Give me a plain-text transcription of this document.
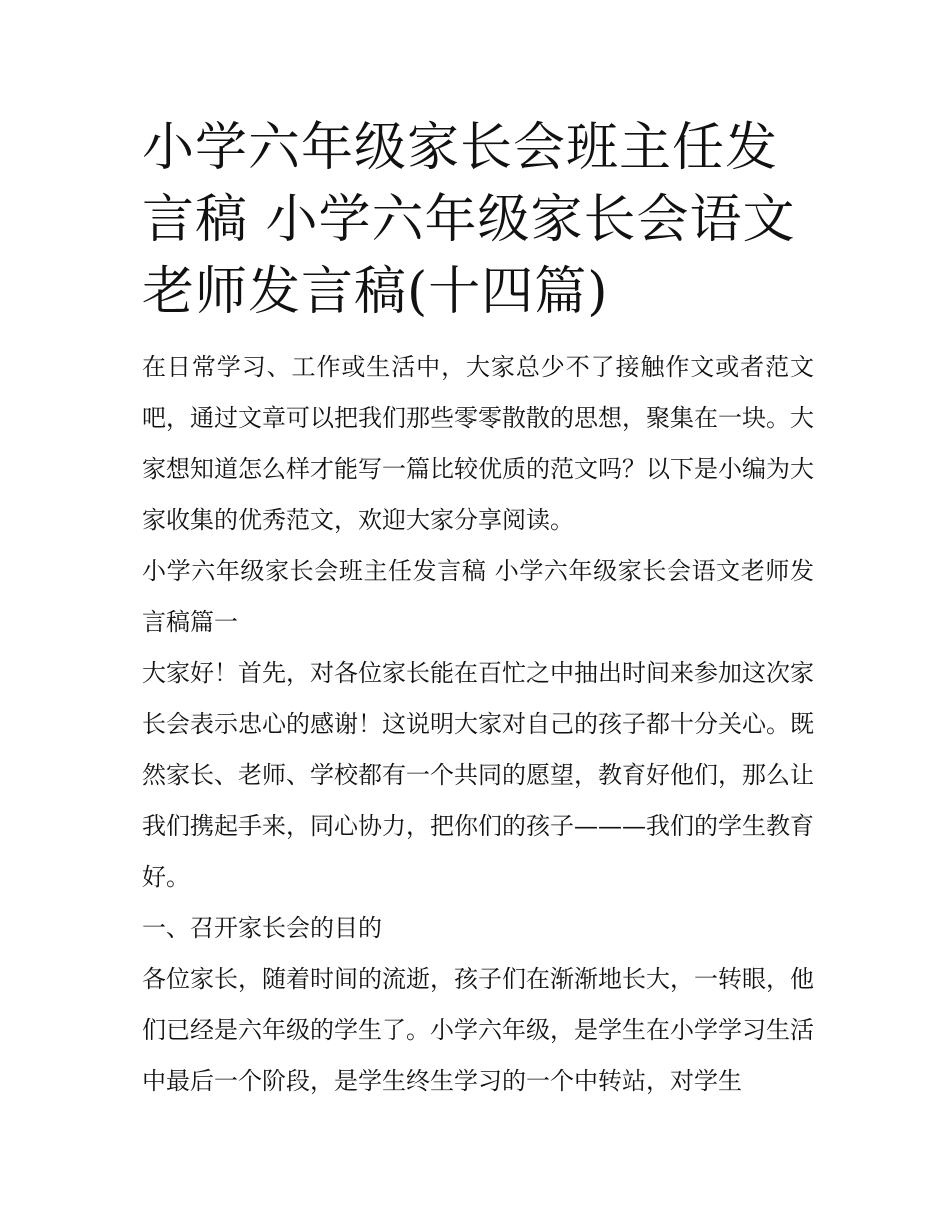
小学六年级家长会班主任发言稿 小学六年级家长会语文老师发言稿(十四篇)

在日常学习、工作或生活中，大家总少不了接触作文或者范文吧，通过文章可以把我们那些零零散散的思想，聚集在一块。大家想知道怎么样才能写一篇比较优质的范文吗？以下是小编为大家收集的优秀范文，欢迎大家分享阅读。

小学六年级家长会班主任发言稿 小学六年级家长会语文老师发言稿篇一

大家好！首先，对各位家长能在百忙之中抽出时间来参加这次家长会表示忠心的感谢！这说明大家对自己的孩子都十分关心。既然家长、老师、学校都有一个共同的愿望，教育好他们，那么让我们携起手来，同心协力，把你们的孩子———我们的学生教育好。

一、召开家长会的目的

各位家长，随着时间的流逝，孩子们在渐渐地长大，一转眼，他们已经是六年级的学生了。小学六年级，是学生在小学学习生活中最后一个阶段，是学生终生学习的一个中转站，对学生
